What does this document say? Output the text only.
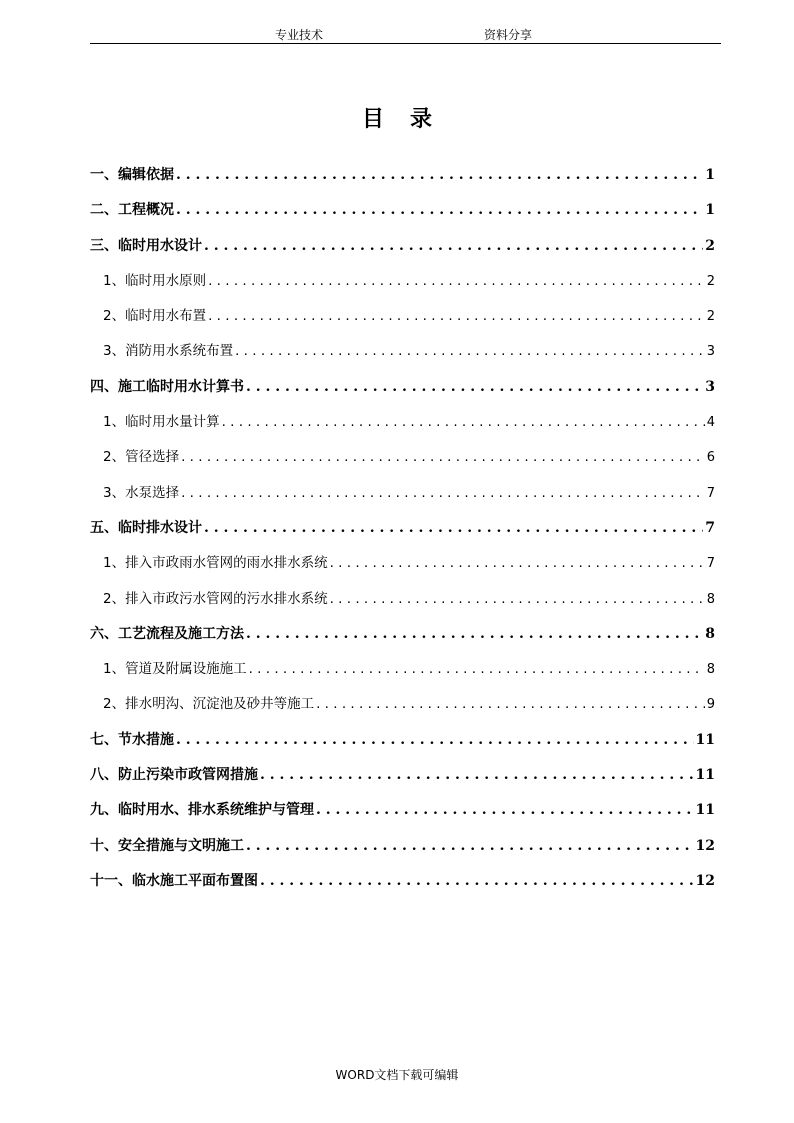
专业技术	资料分享
目录
一、编辑依据 . . .	1
二、工程概况 . . .	1
三、临时用水设计 . . .	2
1、临时用水原则 . . .	2
2、临时用水布置 . . .	2
3、消防用水系统布置 . . .	3
四、施工临时用水计算书 . . .	3
1、临时用水量计算 . . .	4
2、管径选择 . . .	6
3、水泵选择 . . .	7
五、临时排水设计 . . .	7
1、排入市政雨水管网的雨水排水系统 . . .	7
2、排入市政污水管网的污水排水系统 . . .	8
六、工艺流程及施工方法 . . .	8
1、管道及附属设施施工 . . .	8
2、排水明沟、沉淀池及砂井等施工 . . .	9
七、节水措施 . . .	11
八、防止污染市政管网措施 . . .	11
九、临时用水、排水系统维护与管理 . . .	11
十、安全措施与文明施工 . . .	12
十一、临水施工平面布置图 . . .	12
WORD文档下载可编辑
